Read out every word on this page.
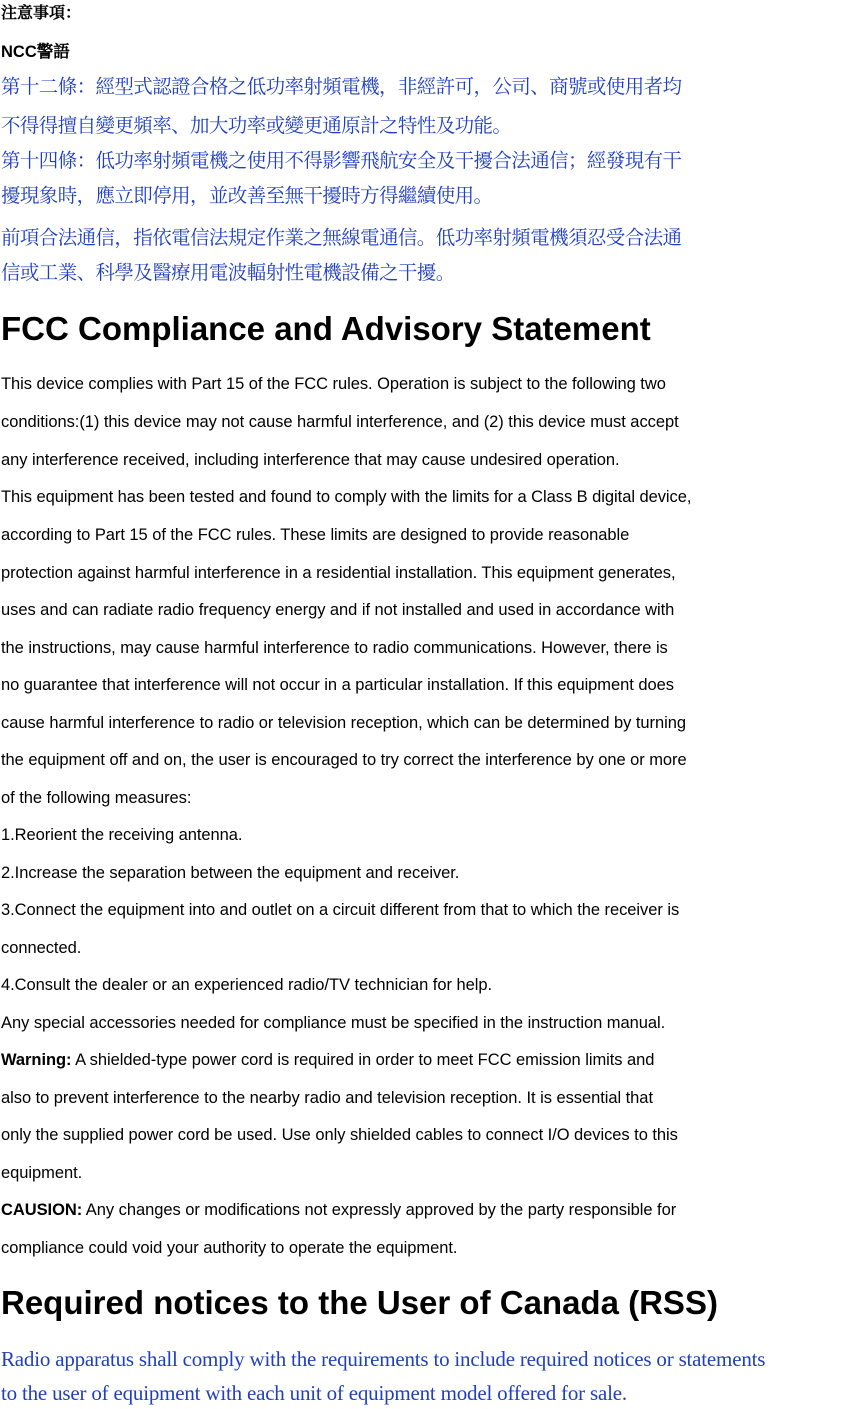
注意事項：
NCC警語
第十二條：經型式認證合格之低功率射頻電機，非經許可，公司、商號或使用者均
不得得擅自變更頻率、加大功率或變更通原計之特性及功能。
第十四條：低功率射頻電機之使用不得影響飛航安全及干擾合法通信；經發現有干
擾現象時，應立即停用，並改善至無干擾時方得繼續使用。
前項合法通信，指依電信法規定作業之無線電通信。低功率射頻電機須忍受合法通
信或工業、科學及醫療用電波輻射性電機設備之干擾。
FCC Compliance and Advisory Statement
This device complies with Part 15 of the FCC rules. Operation is subject to the following two
conditions:(1) this device may not cause harmful interference, and (2) this device must accept
any interference received, including interference that may cause undesired operation.
This equipment has been tested and found to comply with the limits for a Class B digital device,
according to Part 15 of the FCC rules. These limits are designed to provide reasonable
protection against harmful interference in a residential installation. This equipment generates,
uses and can radiate radio frequency energy and if not installed and used in accordance with
the instructions, may cause harmful interference to radio communications. However, there is
no guarantee that interference will not occur in a particular installation. If this equipment does
cause harmful interference to radio or television reception, which can be determined by turning
the equipment off and on, the user is encouraged to try correct the interference by one or more
of the following measures:
1.Reorient the receiving antenna.
2.Increase the separation between the equipment and receiver.
3.Connect the equipment into and outlet on a circuit different from that to which the receiver is
connected.
4.Consult the dealer or an experienced radio/TV technician for help.
Any special accessories needed for compliance must be specified in the instruction manual.
Warning: A shielded-type power cord is required in order to meet FCC emission limits and
also to prevent interference to the nearby radio and television reception. It is essential that
only the supplied power cord be used. Use only shielded cables to connect I/O devices to this
equipment.
CAUSION: Any changes or modifications not expressly approved by the party responsible for
compliance could void your authority to operate the equipment.
Required notices to the User of Canada (RSS)
Radio apparatus shall comply with the requirements to include required notices or statements
to the user of equipment with each unit of equipment model offered for sale.
